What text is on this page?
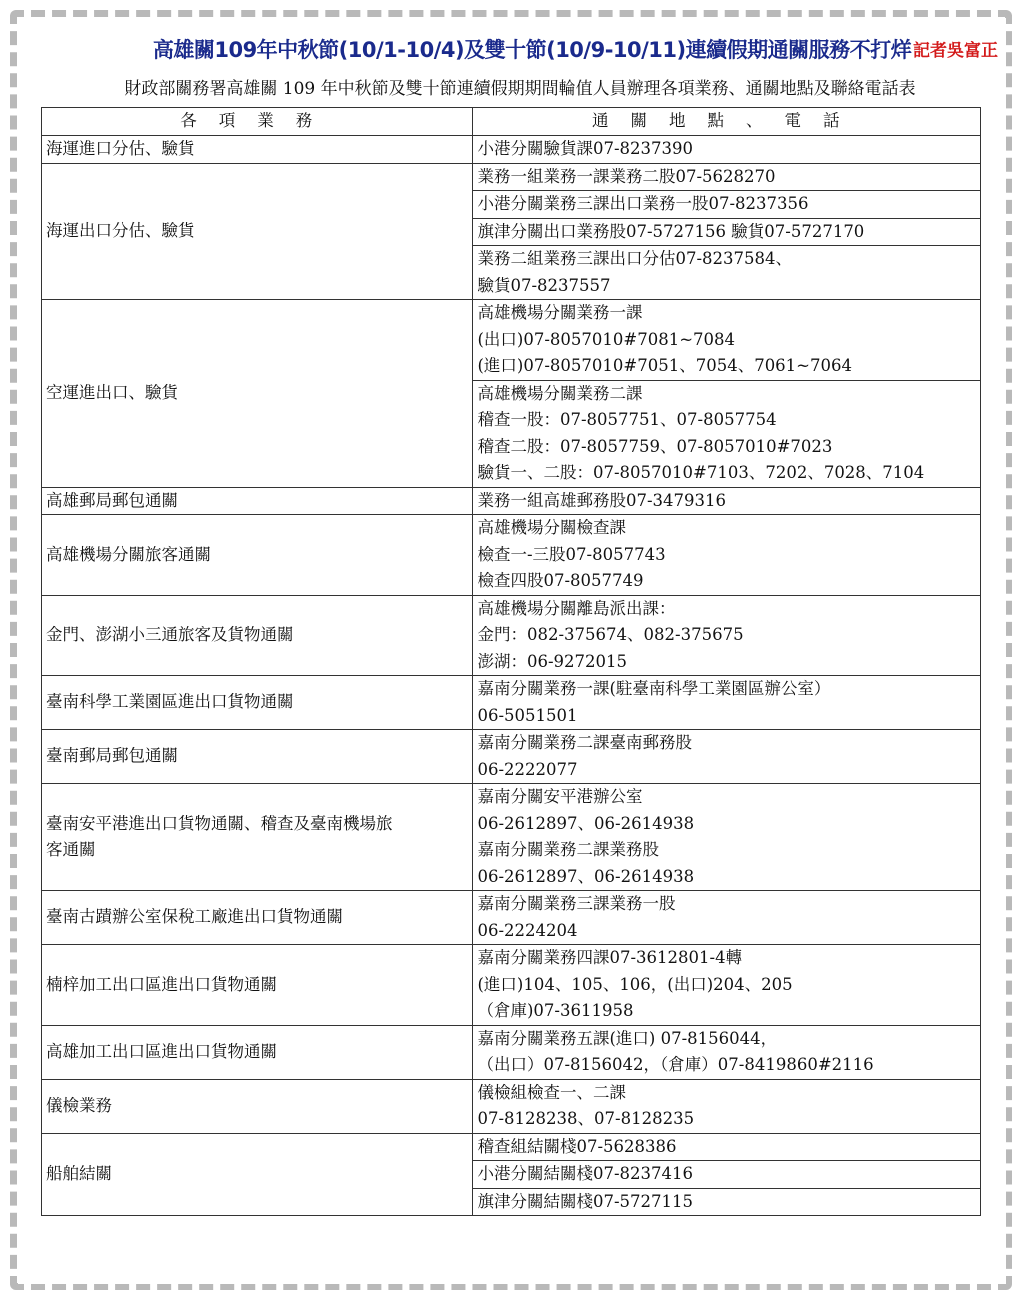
高雄關109年中秋節(10/1-10/4)及雙十節(10/9-10/11)連續假期通關服務不打烊 記者吳富正
財政部關務署高雄關 109 年中秋節及雙十節連續假期期間輪值人員辦理各項業務、通關地點及聯絡電話表
各項業務	通關地點、電話

海運進口分估、驗貨	小港分關驗貨課07-8237390

海運出口分估、驗貨	業務一組業務一課業務二股07-5628270

	小港分關業務三課出口業務一股07-8237356

	旗津分關出口業務股07-5727156 驗貨07-5727170

	業務二組業務三課出口分估07-8237584、
驗貨07-8237557

空運進出口、驗貨	高雄機場分關業務一課
(出口)07-8057010#7081~7084
(進口)07-8057010#7051、7054、7061~7064

	高雄機場分關業務二課
稽查一股：07-8057751、07-8057754
稽查二股：07-8057759、07-8057010#7023
驗貨一、二股：07-8057010#7103、7202、7028、7104

高雄郵局郵包通關	業務一組高雄郵務股07-3479316

高雄機場分關旅客通關	高雄機場分關檢查課
檢查一-三股07-8057743
檢查四股07-8057749

金門、澎湖小三通旅客及貨物通關	高雄機場分關離島派出課：
金門：082-375674、082-375675
澎湖：06-9272015

臺南科學工業園區進出口貨物通關	嘉南分關業務一課(駐臺南科學工業園區辦公室）
06-5051501

臺南郵局郵包通關	嘉南分關業務二課臺南郵務股
06-2222077

臺南安平港進出口貨物通關、稽查及臺南機場旅
客通關	嘉南分關安平港辦公室
06-2612897、06-2614938
嘉南分關業務二課業務股
06-2612897、06-2614938

臺南古蹟辦公室保稅工廠進出口貨物通關	嘉南分關業務三課業務一股
06-2224204

楠梓加工出口區進出口貨物通關	嘉南分關業務四課07-3612801-4轉
(進口)104、105、106，(出口)204、205
（倉庫)07-3611958

高雄加工出口區進出口貨物通關	嘉南分關業務五課(進口) 07-8156044，
（出口）07-8156042，（倉庫）07-8419860#2116

儀檢業務	儀檢組檢查一、二課
07-8128238、07-8128235

船舶結關	稽查組結關棧07-5628386

	小港分關結關棧07-8237416

	旗津分關結關棧07-5727115
